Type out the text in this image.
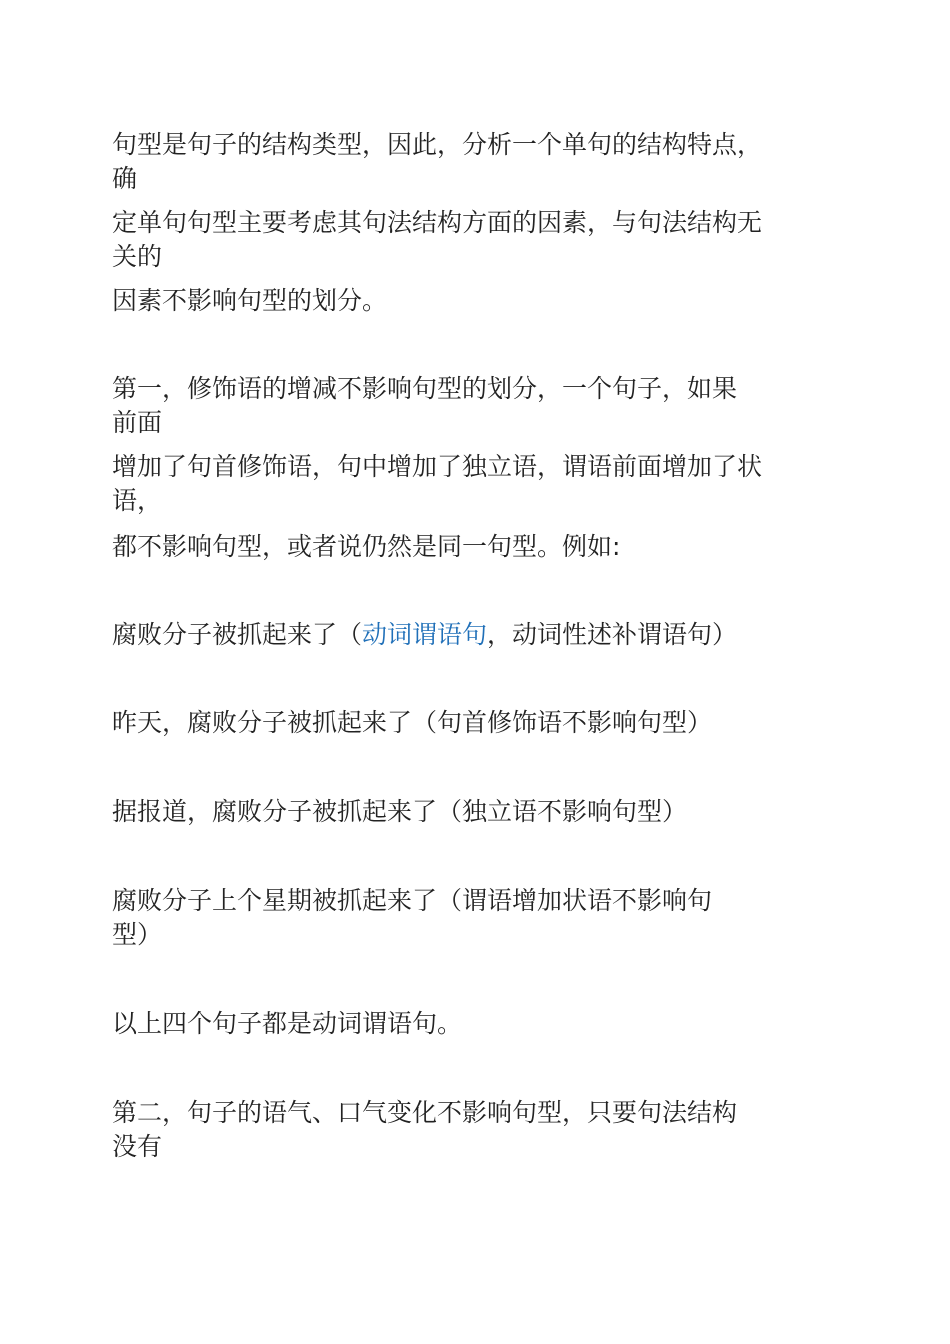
句型是句子的结构类型，因此，分析一个单句的结构特点，

确

定单句句型主要考虑其句法结构方面的因素，与句法结构无

关的

因素不影响句型的划分。

第一，修饰语的增减不影响句型的划分，一个句子，如果

前面

增加了句首修饰语，句中增加了独立语，谓语前面增加了状

语，

都不影响句型，或者说仍然是同一句型。例如:

腐败分子被抓起来了（动词谓语句，动词性述补谓语句）

昨天，腐败分子被抓起来了（句首修饰语不影响句型）

据报道，腐败分子被抓起来了（独立语不影响句型）

腐败分子上个星期被抓起来了（谓语增加状语不影响句

型）

以上四个句子都是动词谓语句。

第二，句子的语气、口气变化不影响句型，只要句法结构

没有
